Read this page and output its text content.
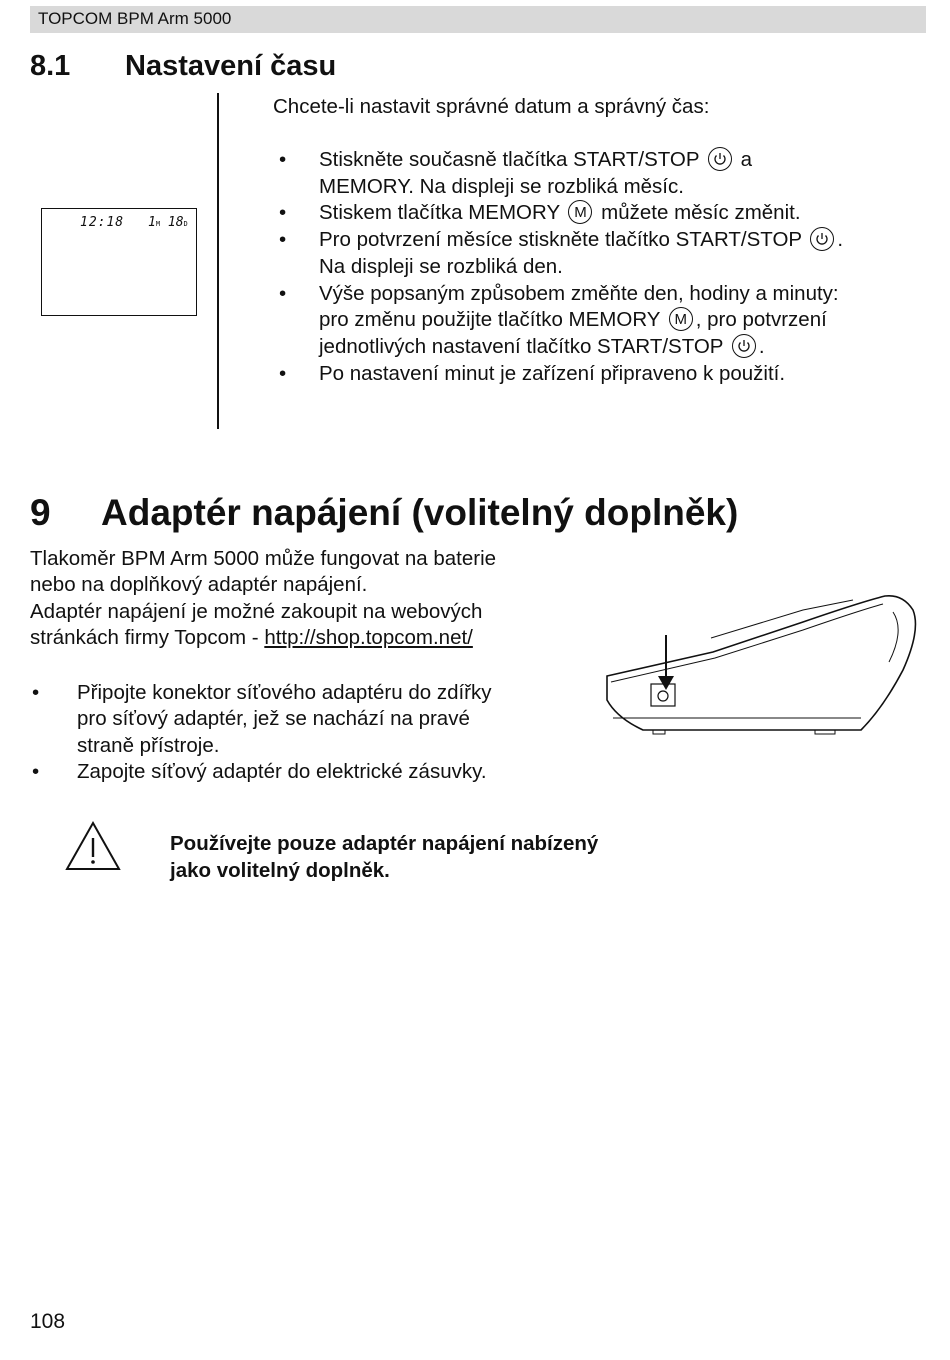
TOPCOM BPM Arm 5000
8.1 Nastavení času
12:18 1M 18D
Chcete-li nastavit správné datum a správný čas:
• Stiskněte současně tlačítka START/STOP
a
MEMORY. Na displeji se rozbliká měsíc.
• Stiskem tlačítka MEMORY M můžete měsíc změnit.
• Pro potvrzení měsíce stiskněte tlačítko START/STOP .
Na displeji se rozbliká den.
• Výše popsaným způsobem změňte den, hodiny a minuty:
pro změnu použijte tlačítko MEMORY M , pro potvrzení
jednotlivých nastavení tlačítko START/STOP .
• Po nastavení minut je zařízení připraveno k použití.
9 Adaptér napájení (volitelný doplněk)
Tlakoměr BPM Arm 5000 může fungovat na baterie
nebo na doplňkový adaptér napájení.
Adaptér napájení je možné zakoupit na webových
stránkách firmy Topcom - http://shop.topcom.net/
• Připojte konektor síťového adaptéru do zdířky
pro síťový adaptér, jež se nachází na pravé
straně přístroje.
• Zapojte síťový adaptér do elektrické zásuvky.
Používejte pouze adaptér napájení nabízený
jako volitelný doplněk.
108
